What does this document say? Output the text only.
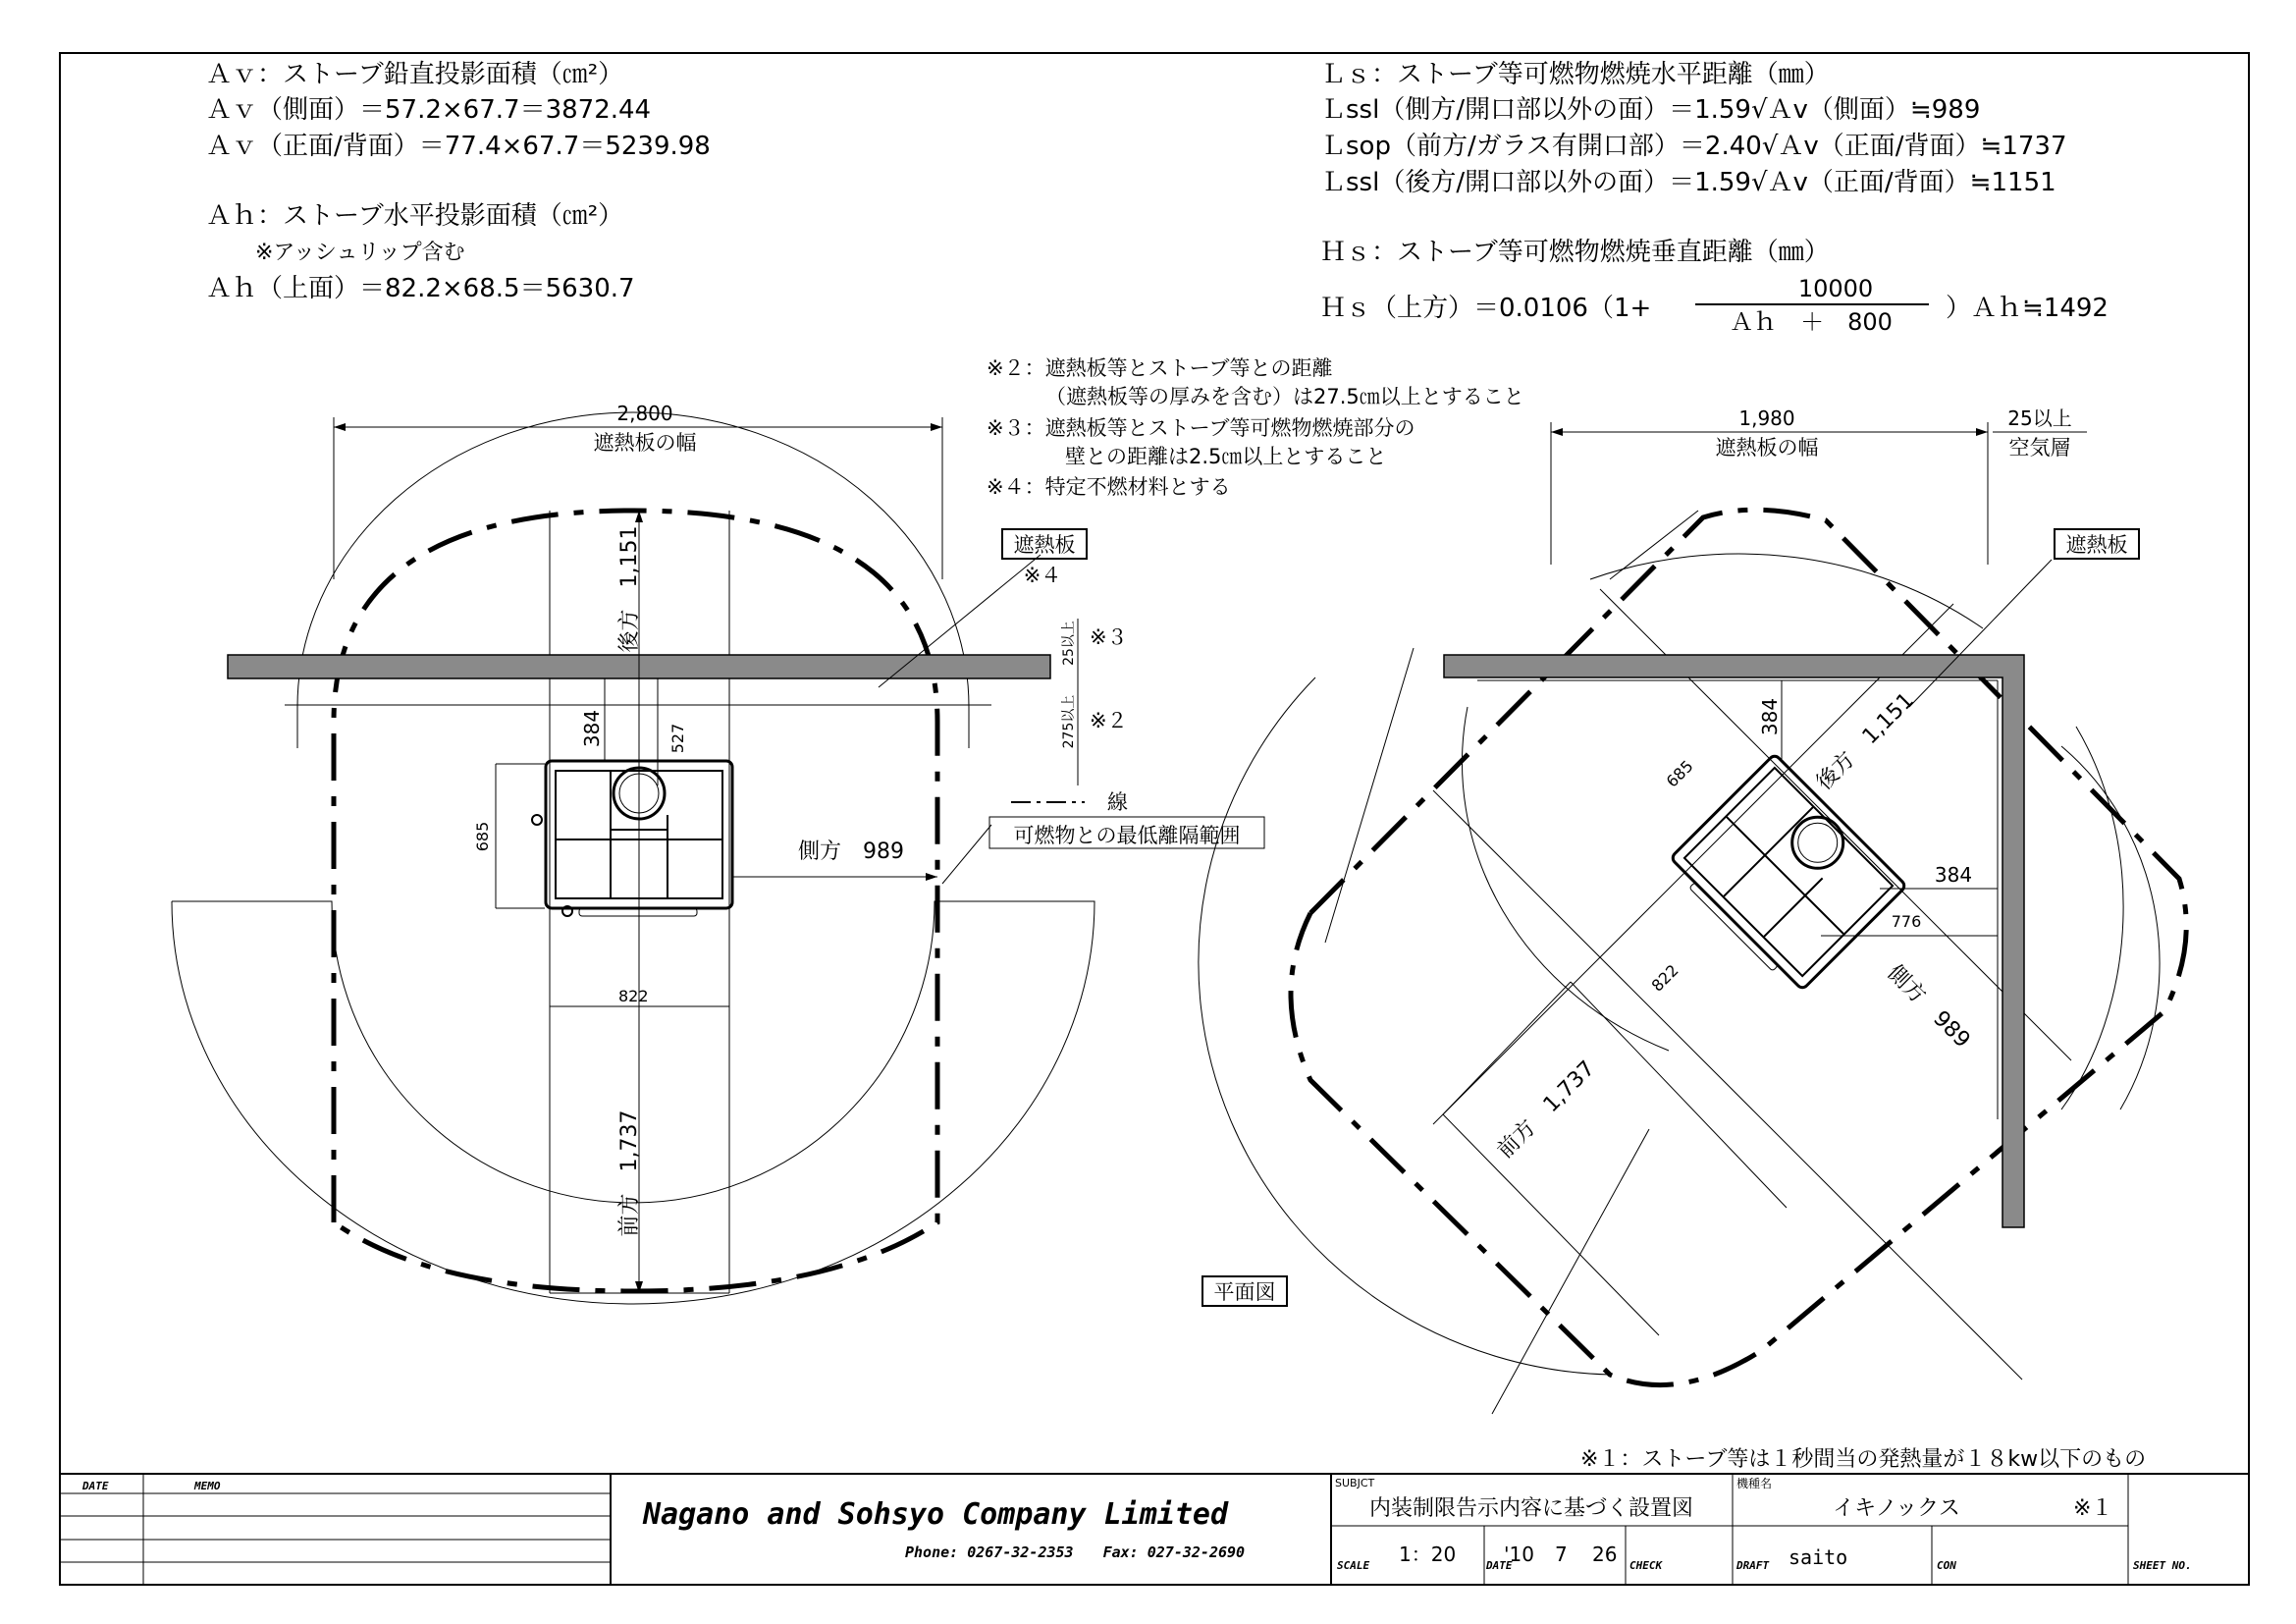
Ａｖ：ストーブ鉛直投影面積（㎝²）
Ａｖ（側面）＝57.2×67.7＝3872.44
Ａｖ（正面/背面）＝77.4×67.7＝5239.98
Ａｈ：ストーブ水平投影面積（㎝²）
※アッシュリップ含む
Ａｈ（上面）＝82.2×68.5＝5630.7
Ｌｓ：ストーブ等可燃物燃焼水平距離（㎜）
Ｌssl（側方/開口部以外の面）＝1.59√Ａv（側面）≒989
Ｌsop（前方/ガラス有開口部）＝2.40√Ａv（正面/背面）≒1737
Ｌssl（後方/開口部以外の面）＝1.59√Ａv（正面/背面）≒1151
Ｈｓ：ストーブ等可燃物燃焼垂直距離（㎜）
Ｈｓ（上方）＝0.0106（1+
10000
Ａｈ　＋　800 ）Ａｈ≒1492
※２：遮熱板等とストーブ等との距離
（遮熱板等の厚みを含む）は27.5㎝以上とすること
※３：遮熱板等とストーブ等可燃物燃焼部分の
壁との距離は2.5㎝以上とすること
※４：特定不燃材料とする
※１：ストーブ等は１秒間当の発熱量が１８kw以下のもの
2,800
遮熱板の幅
後方　1,151
前方　1,737
384	527
685
側方　989
822
25以上
275以上
※３
※２
遮熱板
※４
線
可燃物との最低離隔範囲
平面図
1,980
遮熱板の幅
25以上
空気層
384 後方　1,151
685
384
776
側方　989
822
前方　1,737
遮熱板
DATE	MEMO
Nagano and Sohsyo Company Limited
Phone: 0267-32-2353　　Fax: 027-32-2690
SUBJCT
内装制限告示内容に基づく設置図
機種名
イキノックス	※１
SCALE 1：20	DATE
'10 7 26 CHECK	DRAFT saito	CON	SHEET NO.
